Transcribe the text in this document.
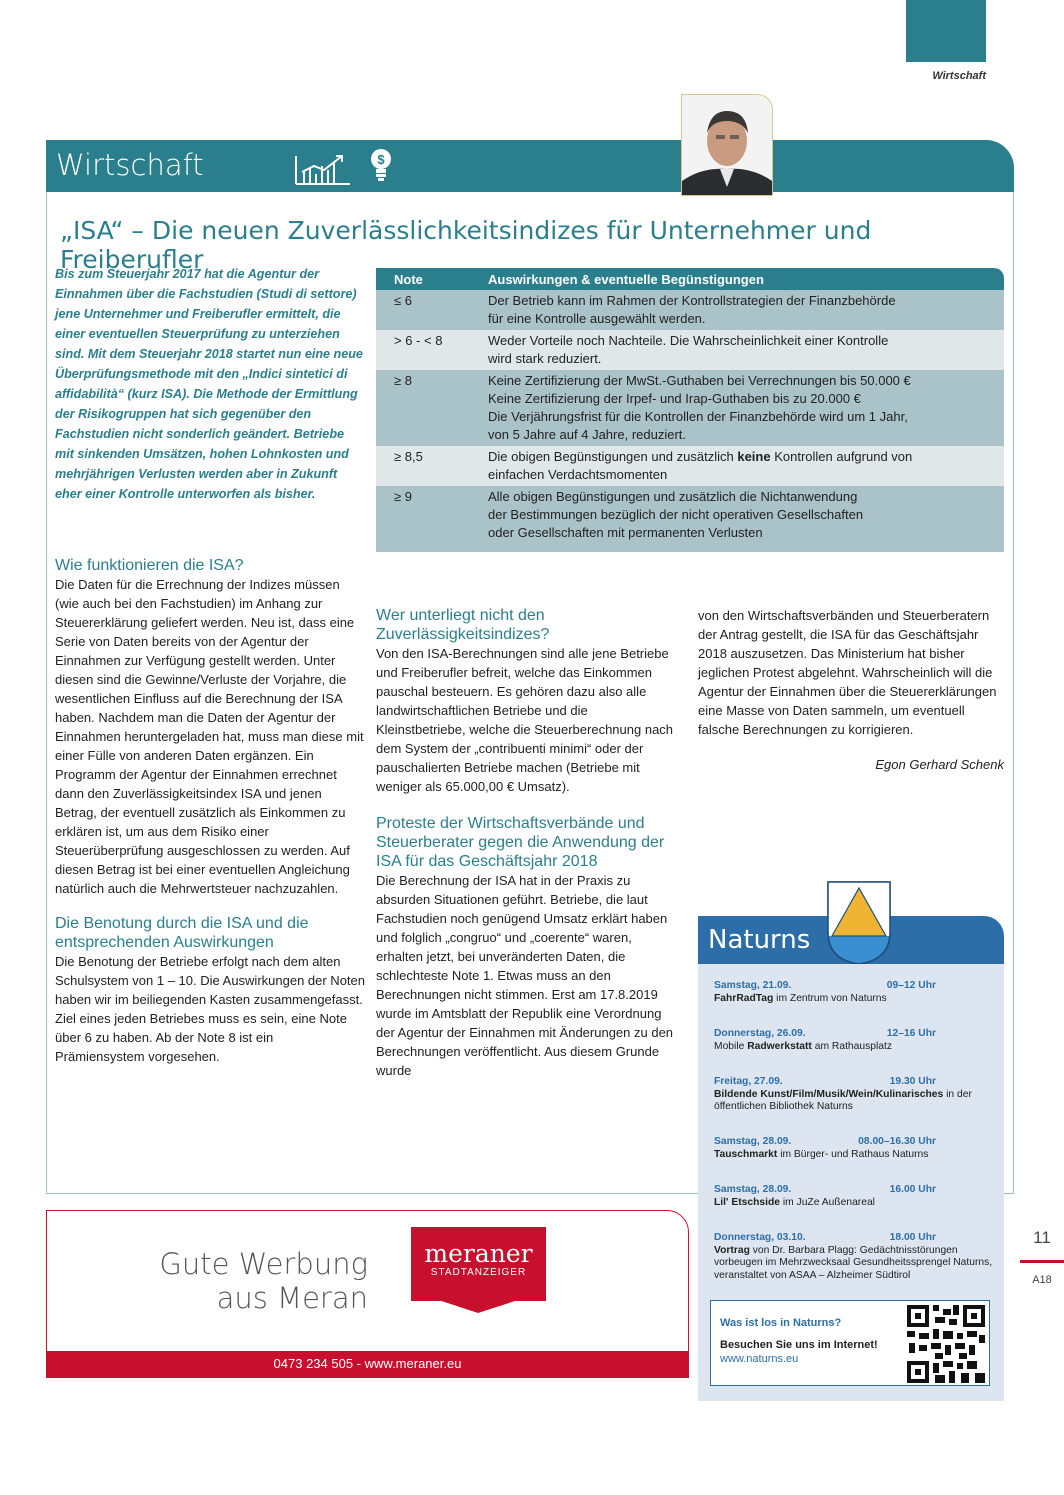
Wirtschaft
Wirtschaft	$
„ISA“ – Die neuen Zuverlässlichkeitsindizes für Unternehmer und Freiberufler
Bis zum Steuerjahr 2017 hat die Agentur der Einnahmen über die Fachstudien (Studi di settore) jene Unternehmer und Freiberufler ermittelt, die einer eventuellen Steuerprüfung zu unterziehen sind. Mit dem Steuerjahr 2018 startet nun eine neue Überprüfungsmethode mit den „Indici sintetici di affidabilità“ (kurz ISA). Die Methode der Ermittlung der Risikogruppen hat sich gegenüber den Fachstudien nicht sonderlich geändert. Betriebe mit sinkenden Umsätzen, hohen Lohnkosten und mehrjährigen Verlusten werden aber in Zukunft eher einer Kontrolle unterworfen als bisher.
Wie funktionieren die ISA?

Die Daten für die Errechnung der Indizes müssen (wie auch bei den Fachstudien) im Anhang zur Steuererklärung geliefert werden. Neu ist, dass eine Serie von Daten bereits von der Agentur der Einnahmen zur Verfügung gestellt werden. Unter diesen sind die Gewinne/Verluste der Vorjahre, die wesentlichen Einfluss auf die Berechnung der ISA haben. Nachdem man die Daten der Agentur der Einnahmen heruntergeladen hat, muss man diese mit einer Fülle von anderen Daten ergänzen. Ein Programm der Agentur der Einnahmen errechnet dann den Zuverlässigkeitsindex ISA und jenen Betrag, der eventuell zusätzlich als Einkommen zu erklären ist, um aus dem Risiko einer Steuerüberprüfung ausgeschlossen zu werden. Auf diesen Betrag ist bei einer eventuellen Angleichung natürlich auch die Mehrwertsteuer nachzuzahlen.

Die Benotung durch die ISA und die entsprechenden Auswirkungen

Die Benotung der Betriebe erfolgt nach dem alten Schulsystem von 1 – 10. Die Auswirkungen der Noten haben wir im beiliegenden Kasten zusammengefasst. Ziel eines jeden Betriebes muss es sein, eine Note über 6 zu haben. Ab der Note 8 ist ein Prämiensystem vorgesehen.

Note	Auswirkungen & eventuelle Begünstigungen
≤ 6	Der Betrieb kann im Rahmen der Kontrollstrategien der Finanzbehörde
für eine Kontrolle ausgewählt werden.

> 6 - < 8	Weder Vorteile noch Nachteile. Die Wahrscheinlichkeit einer Kontrolle
wird stark reduziert.

≥ 8	Keine Zertifizierung der MwSt.-Guthaben bei Verrechnungen bis 50.000 €
Keine Zertifizierung der Irpef- und Irap-Guthaben bis zu 20.000 €
Die Verjährungsfrist für die Kontrollen der Finanzbehörde wird um 1 Jahr,
von 5 Jahre auf 4 Jahre, reduziert.

≥ 8,5	Die obigen Begünstigungen und zusätzlich keine Kontrollen aufgrund von
einfachen Verdachtsmomenten

≥ 9	Alle obigen Begünstigungen und zusätzlich die Nichtanwendung
der Bestimmungen bezüglich der nicht operativen Gesellschaften
oder Gesellschaften mit permanenten Verlusten
Wer unterliegt nicht den Zuverlässigkeitsindizes?

Von den ISA-Berechnungen sind alle jene Betriebe und Freiberufler befreit, welche das Einkommen pauschal besteuern. Es gehören dazu also alle landwirtschaftlichen Betriebe und die Kleinstbetriebe, welche die Steuerberechnung nach dem System der „contribuenti minimi“ oder der pauschalierten Betriebe machen (Betriebe mit weniger als 65.000,00 € Umsatz).

Proteste der Wirtschaftsverbände und Steuerberater gegen die Anwendung der ISA für das Geschäftsjahr 2018

Die Berechnung der ISA hat in der Praxis zu absurden Situationen geführt. Betriebe, die laut Fachstudien noch genügend Umsatz erklärt haben und folglich „congruo“ und „coerente“ waren, erhalten jetzt, bei unveränderten Daten, die schlechteste Note 1. Etwas muss an den Berechnungen nicht stimmen. Erst am 17.8.2019 wurde im Amtsblatt der Republik eine Verordnung der Agentur der Einnahmen mit Änderungen zu den Berechnungen veröffentlicht. Aus diesem Grunde wurde

von den Wirtschaftsverbänden und Steuerberatern der Antrag gestellt, die ISA für das Geschäftsjahr 2018 auszusetzen. Das Ministerium hat bisher jeglichen Protest abgelehnt. Wahrscheinlich will die Agentur der Einnahmen über die Steuererklärungen eine Masse von Daten sammeln, um eventuell falsche Berechnungen zu korrigieren.

Egon Gerhard Schenk

Gute Werbung
aus Meran
meraner
STADTANZEIGER
0473 234 505 - www.meraner.eu
Naturns
Samstag, 21.09.	09–12 Uhr
FahrRadTag im Zentrum von Naturns
Donnerstag, 26.09.	12–16 Uhr
Mobile Radwerkstatt am Rathausplatz
Freitag, 27.09.	19.30 Uhr
Bildende Kunst/Film/Musik/Wein/Kulinarisches in der öffentlichen Bibliothek Naturns
Samstag, 28.09.	08.00–16.30 Uhr
Tauschmarkt im Bürger- und Rathaus Naturns
Samstag, 28.09.	16.00 Uhr
Lil' Etschside im JuZe Außenareal
Donnerstag, 03.10.	18.00 Uhr
Vortrag von Dr. Barbara Plagg: Gedächtnisstörungen vorbeugen im Mehrzwecksaal Gesundheitssprengel Naturns, veranstaltet von ASAA – Alzheimer Südtirol
Was ist los in Naturns?
Besuchen Sie uns im Internet!
www.naturns.eu
11
A18
